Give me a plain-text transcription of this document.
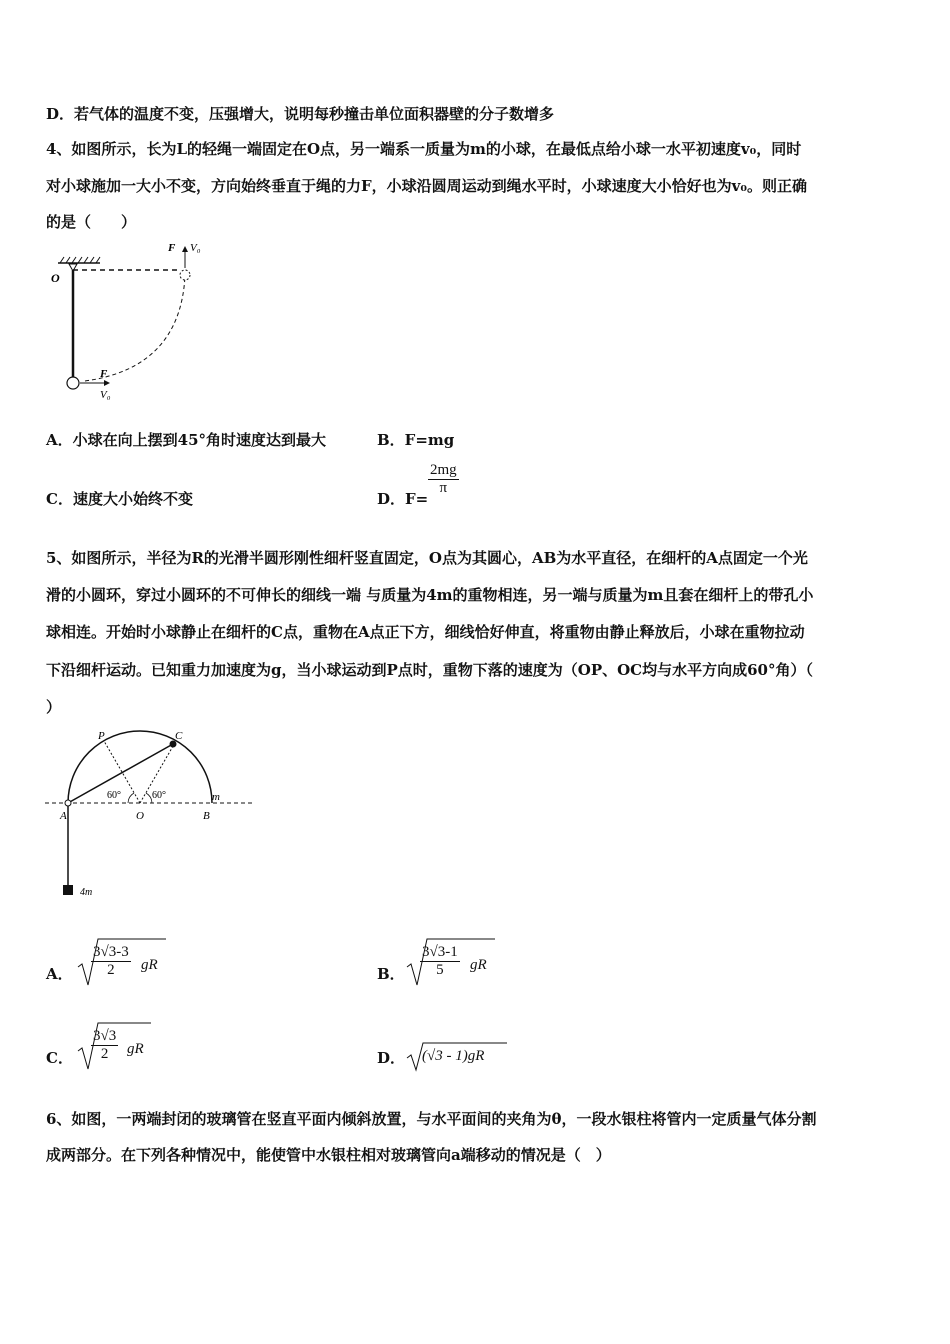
D．若气体的温度不变，压强增大，说明每秒撞击单位面积器壁的分子数增多
4、如图所示，长为L的轻绳一端固定在O点，另一端系一质量为m的小球，在最低点给小球一水平初速度v₀，同时
对小球施加一大小不变，方向始终垂直于绳的力F，小球沿圆周运动到绳水平时，小球速度大小恰好也为v₀。则正确
的是（　　）
O
F V₀
F
V₀
A．小球在向上摆到45°角时速度达到最大	B．F=mg
C．速度大小始终不变	D．F=
$\frac{2mg}{\pi}$
5、如图所示，半径为R的光滑半圆形刚性细杆竖直固定，O点为其圆心，AB为水平直径，在细杆的A点固定一个光
滑的小圆环，穿过小圆环的不可伸长的细线一端 与质量为4m的重物相连，另一端与质量为m且套在细杆上的带孔小
球相连。开始时小球静止在细杆的C点，重物在A点正下方，细线恰好伸直，将重物由静止释放后，小球在重物拉动
下沿细杆运动。已知重力加速度为g，当小球运动到P点时，重物下落的速度为（OP、OC均与水平方向成60°角）（
）
60°	60°
P	C
A	O	B
m
4m
A． $\frac{3√3-3}{2}$ gR	B． $\frac{3√3-1}{5}$ gR
C． $\frac{3√3}{2}$ gR	D． (√3 - 1)gR
6、如图，一两端封闭的玻璃管在竖直平面内倾斜放置，与水平面间的夹角为θ，一段水银柱将管内一定质量气体分割
成两部分。在下列各种情况中，能使管中水银柱相对玻璃管向a端移动的情况是（　）
